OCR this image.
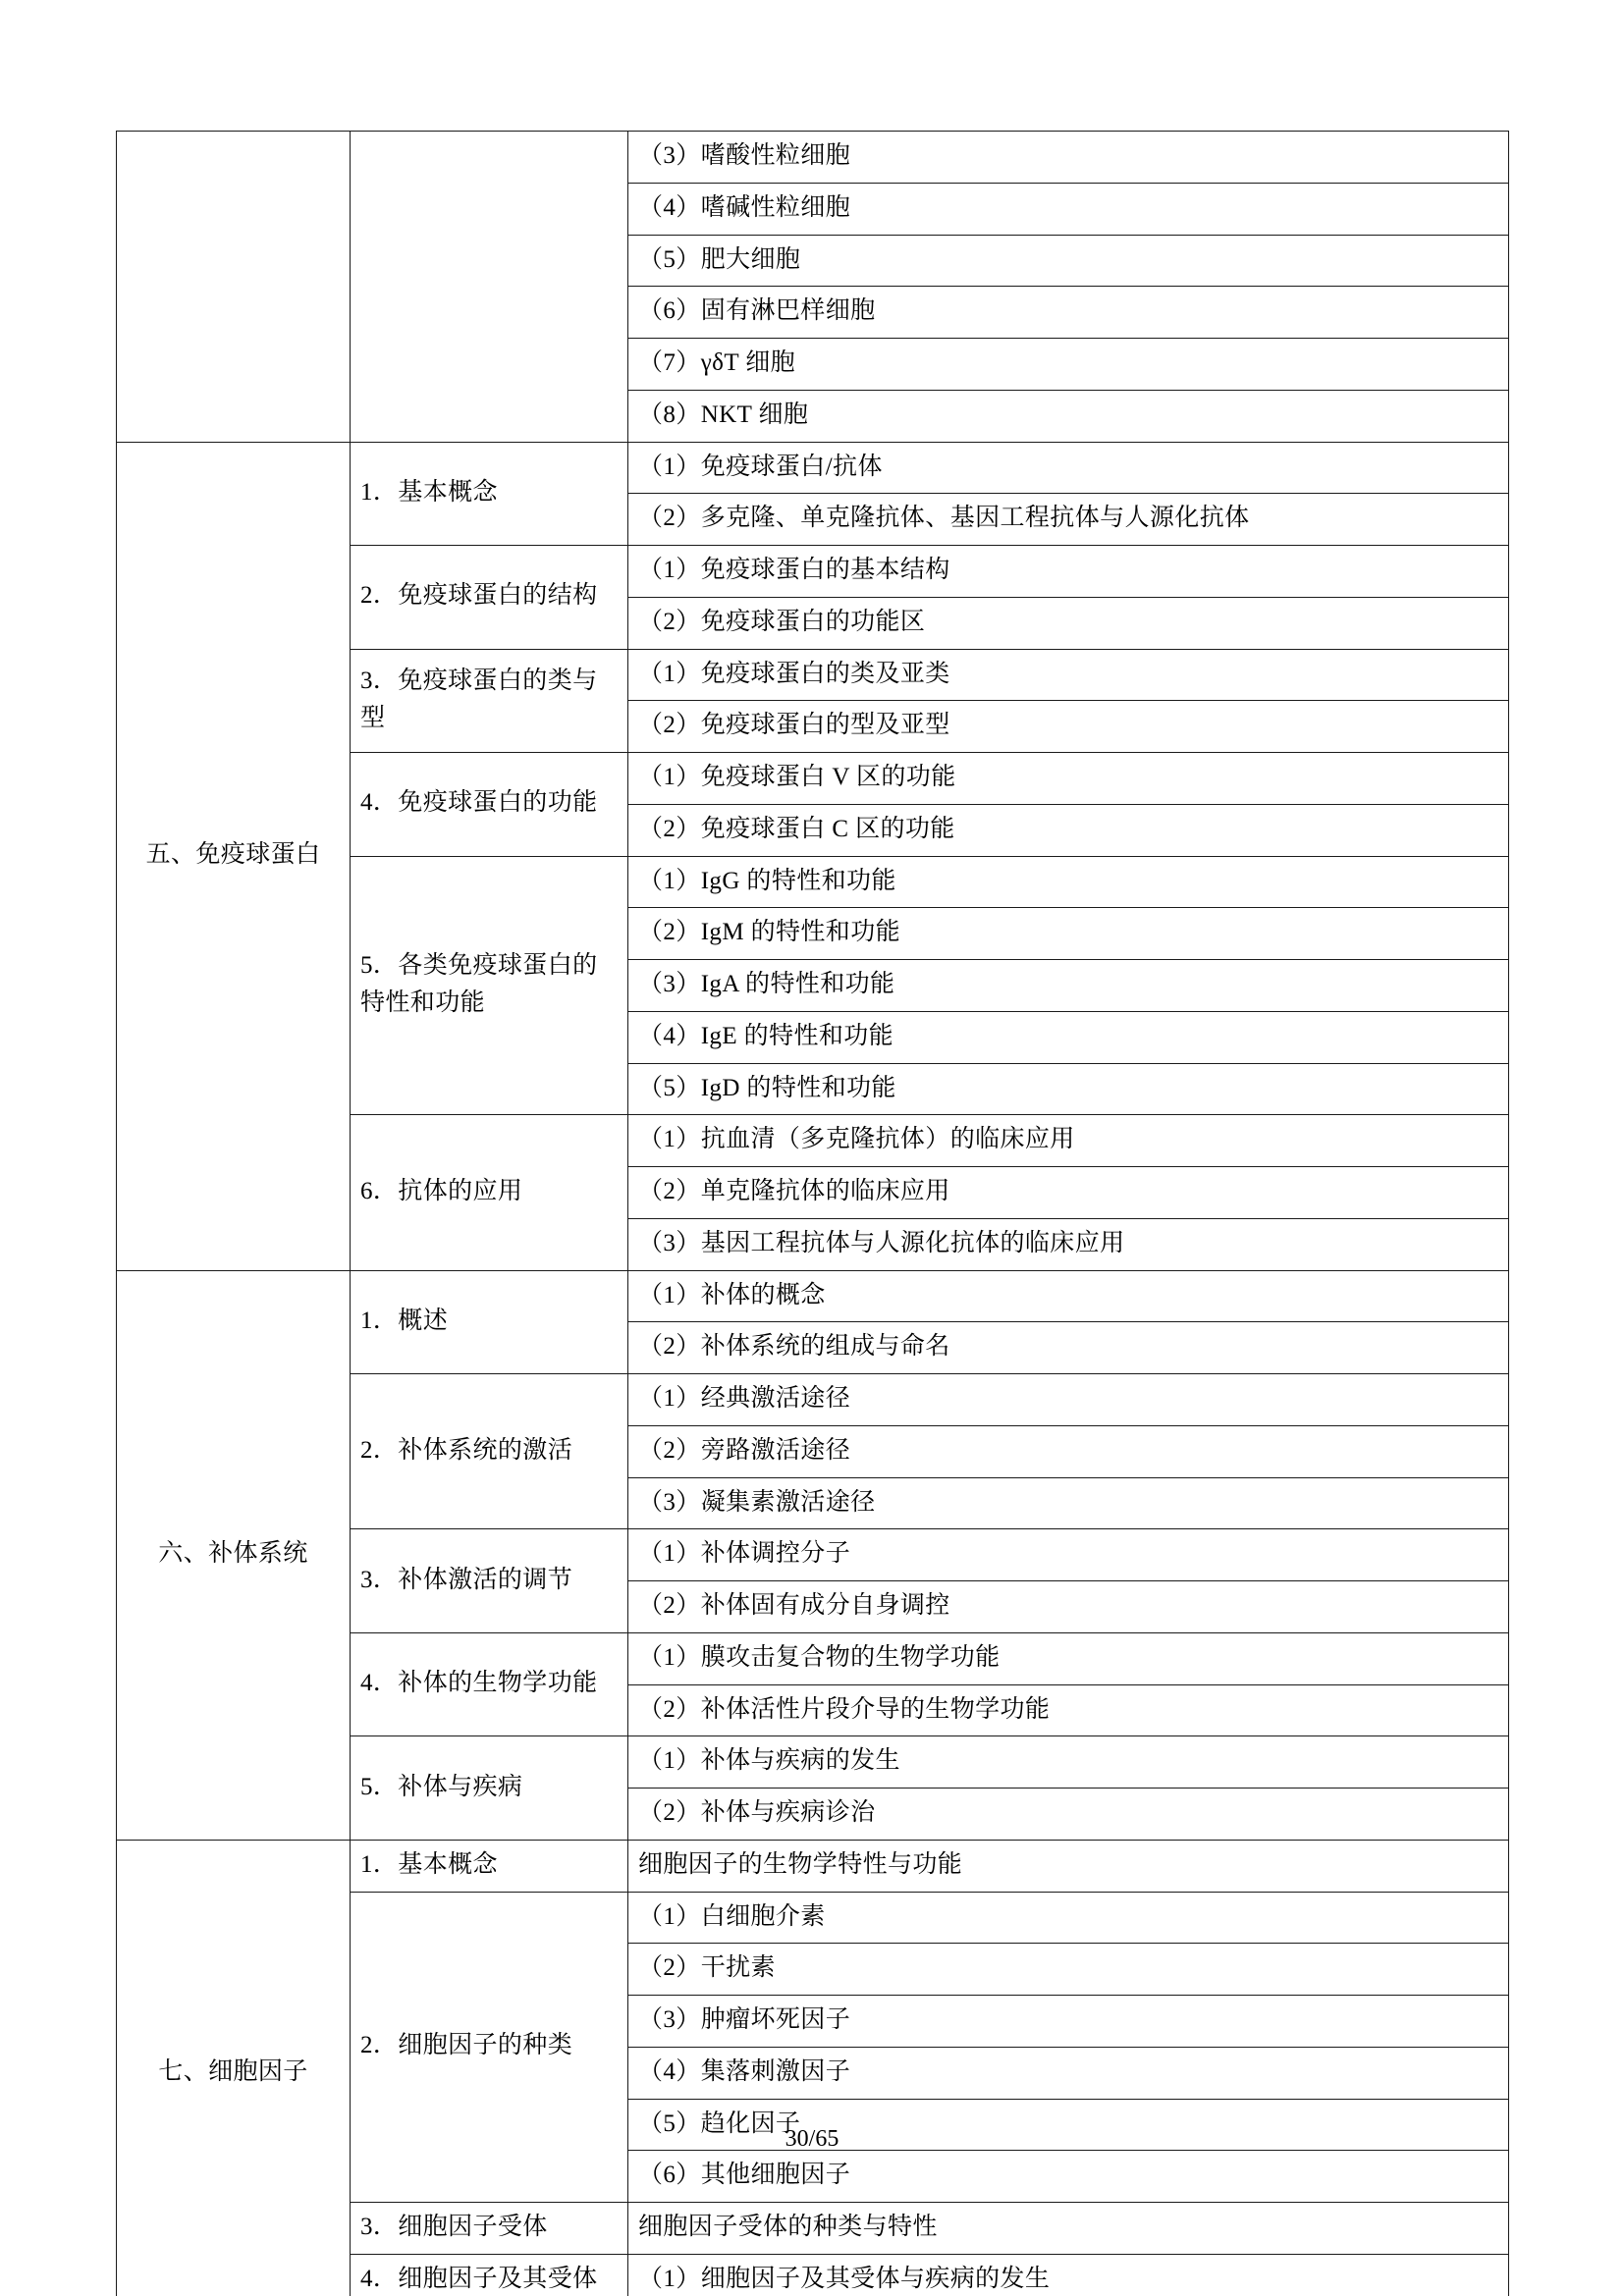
		（3）嗜酸性粒细胞
		（4）嗜碱性粒细胞
		（5）肥大细胞
		（6）固有淋巴样细胞
		（7）γδT 细胞
		（8）NKT 细胞
五、免疫球蛋白	1．基本概念	（1）免疫球蛋白/抗体
		（2）多克隆、单克隆抗体、基因工程抗体与人源化抗体
	2．免疫球蛋白的结构	（1）免疫球蛋白的基本结构
		（2）免疫球蛋白的功能区
	3．免疫球蛋白的类与型	（1）免疫球蛋白的类及亚类
		（2）免疫球蛋白的型及亚型
	4．免疫球蛋白的功能	（1）免疫球蛋白 V 区的功能
		（2）免疫球蛋白 C 区的功能
	5．各类免疫球蛋白的特性和功能	（1）IgG 的特性和功能
		（2）IgM 的特性和功能
		（3）IgA 的特性和功能
		（4）IgE 的特性和功能
		（5）IgD 的特性和功能
	6．抗体的应用	（1）抗血清（多克隆抗体）的临床应用
		（2）单克隆抗体的临床应用
		（3）基因工程抗体与人源化抗体的临床应用
六、补体系统	1．概述	（1）补体的概念
		（2）补体系统的组成与命名
	2．补体系统的激活	（1）经典激活途径
		（2）旁路激活途径
		（3）凝集素激活途径
	3．补体激活的调节	（1）补体调控分子
		（2）补体固有成分自身调控
	4．补体的生物学功能	（1）膜攻击复合物的生物学功能
		（2）补体活性片段介导的生物学功能
	5．补体与疾病	（1）补体与疾病的发生
		（2）补体与疾病诊治
七、细胞因子	1．基本概念	细胞因子的生物学特性与功能
	2．细胞因子的种类	（1）白细胞介素
		（2）干扰素
		（3）肿瘤坏死因子
		（4）集落刺激因子
		（5）趋化因子
		（6）其他细胞因子
	3．细胞因子受体	细胞因子受体的种类与特性
	4．细胞因子及其受体	（1）细胞因子及其受体与疾病的发生
30/65
